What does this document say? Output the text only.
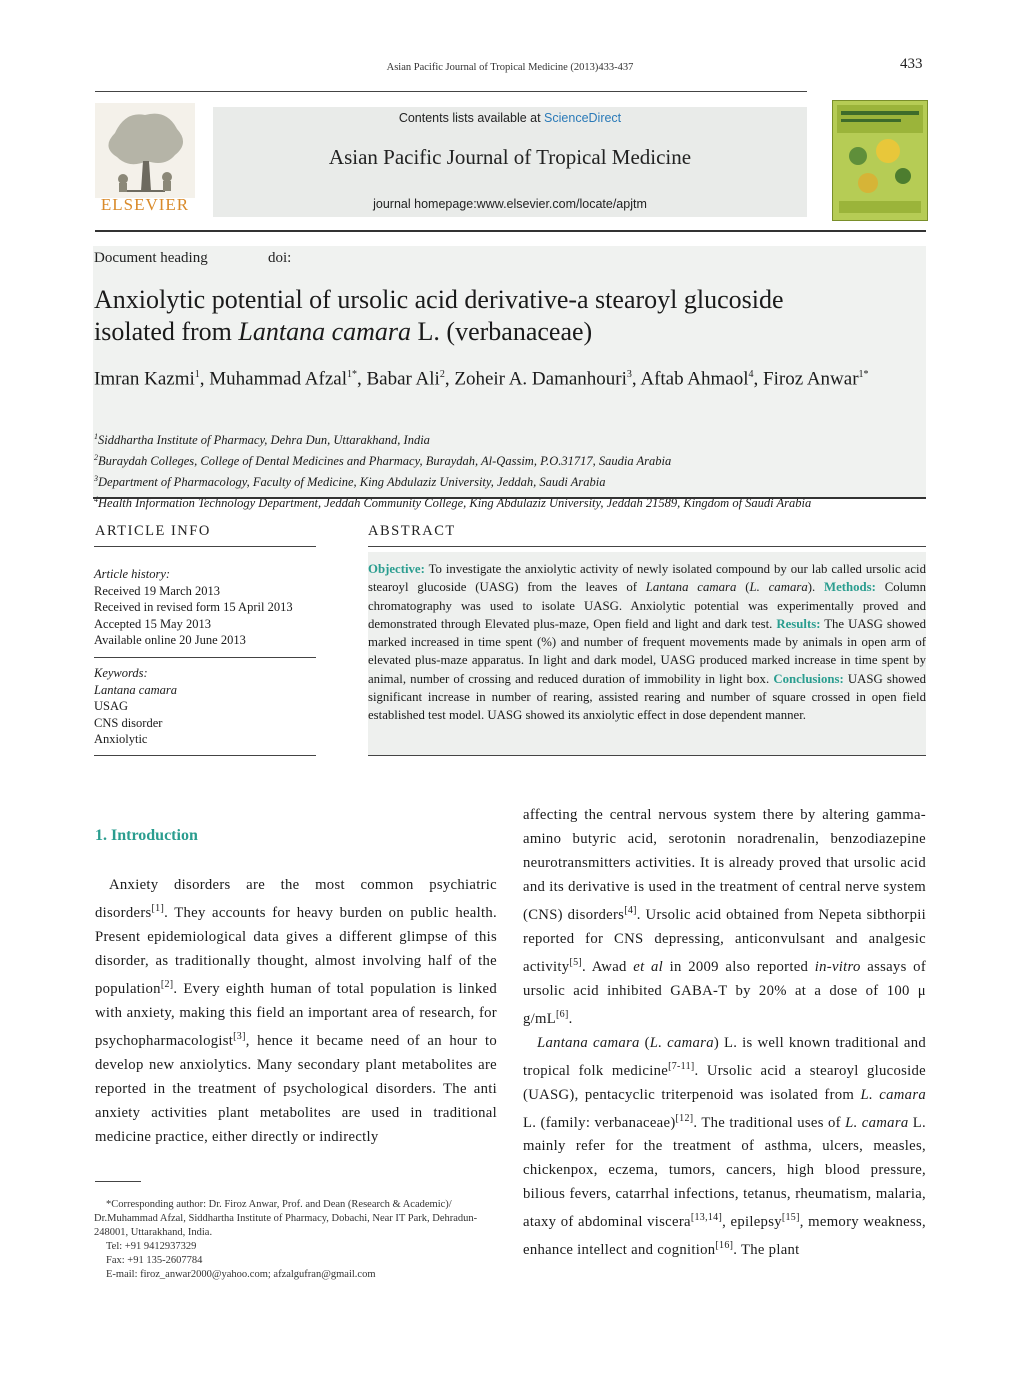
Asian Pacific Journal of Tropical Medicine (2013)433-437	433
ELSEVIER
Contents lists available at ScienceDirect
Asian Pacific Journal of Tropical Medicine
journal homepage:www.elsevier.com/locate/apjtm
Document heading	doi:
Anxiolytic potential of ursolic acid derivative-a stearoyl glucoside
isolated from Lantana camara L. (verbanaceae)
Imran Kazmi$^1$, Muhammad Afzal$^{1*}$, Babar Ali$^2$, Zoheir A. Damanhouri$^3$, Aftab Ahmaol$^4$, Firoz Anwar$^{1*}$
$^1$Siddhartha Institute of Pharmacy, Dehra Dun, Uttarakhand, India
$^2$Buraydah Colleges, College of Dental Medicines and Pharmacy, Buraydah, Al-Qassim, P.O.31717, Saudia Arabia
$^3$Department of Pharmacology, Faculty of Medicine, King Abdulaziz University, Jeddah, Saudi Arabia
$^4$Health Information Technology Department, Jeddah Community College, King Abdulaziz University, Jeddah 21589, Kingdom of Saudi Arabia
ARTICLE INFO
Article history:
Received 19 March 2013
Received in revised form 15 April 2013
Accepted 15 May 2013
Available online 20 June 2013
Keywords:
Lantana camara
USAG
CNS disorder
Anxiolytic
ABSTRACT
Objective: To investigate the anxiolytic activity of newly isolated compound by our lab called ursolic acid stearoyl glucoside (UASG) from the leaves of Lantana camara (L. camara). Methods: Column chromatography was used to isolate UASG. Anxiolytic potential was experimentally proved and demonstrated through Elevated plus-maze, Open field and light and dark test. Results: The UASG showed marked increased in time spent (%) and number of frequent movements made by animals in open arm of elevated plus-maze apparatus. In light and dark model, UASG produced marked increase in time spent by animal, number of crossing and reduced duration of immobility in light box. Conclusions: UASG showed significant increase in number of rearing, assisted rearing and number of square crossed in open field established test model. UASG showed its anxiolytic effect in dose dependent manner.
1. Introduction

Anxiety disorders are the most common psychiatric disorders[1]. They accounts for heavy burden on public health. Present epidemiological data gives a different glimpse of this disorder, as traditionally thought, almost involving half of the population[2]. Every eighth human of total population is linked with anxiety, making this field an important area of research, for psychopharmacologist[3], hence it became need of an hour to develop new anxiolytics. Many secondary plant metabolites are reported in the treatment of psychological disorders. The anti anxiety activities plant metabolites are used in traditional medicine practice, either directly or indirectly

*Corresponding author: Dr. Firoz Anwar, Prof. and Dean (Research & Academic)/ Dr.Muhammad Afzal, Siddhartha Institute of Pharmacy, Dobachi, Near IT Park, Dehradun-248001, Uttarakhand, India.
Tel: +91 9412937329
Fax: +91 135-2607784
E-mail: firoz_anwar2000@yahoo.com; afzalgufran@gmail.com

affecting the central nervous system there by altering gamma-amino butyric acid, serotonin noradrenalin, benzodiazepine neurotransmitters activities. It is already proved that ursolic acid and its derivative is used in the treatment of central nerve system (CNS) disorders[4]. Ursolic acid obtained from Nepeta sibthorpii reported for CNS depressing, anticonvulsant and analgesic activity[5]. Awad et al in 2009 also reported in-vitro assays of ursolic acid inhibited GABA-T by 20% at a dose of 100 μ g/mL[6].

Lantana camara (L. camara) L. is well known traditional and tropical folk medicine[7-11]. Ursolic acid a stearoyl glucoside (UASG), pentacyclic triterpenoid was isolated from L. camara L. (family: verbanaceae)[12]. The traditional uses of L. camara L. mainly refer for the treatment of asthma, ulcers, measles, chickenpox, eczema, tumors, cancers, high blood pressure, bilious fevers, catarrhal infections, tetanus, rheumatism, malaria, ataxy of abdominal viscera[13,14], epilepsy[15], memory weakness, enhance intellect and cognition[16]. The plant
